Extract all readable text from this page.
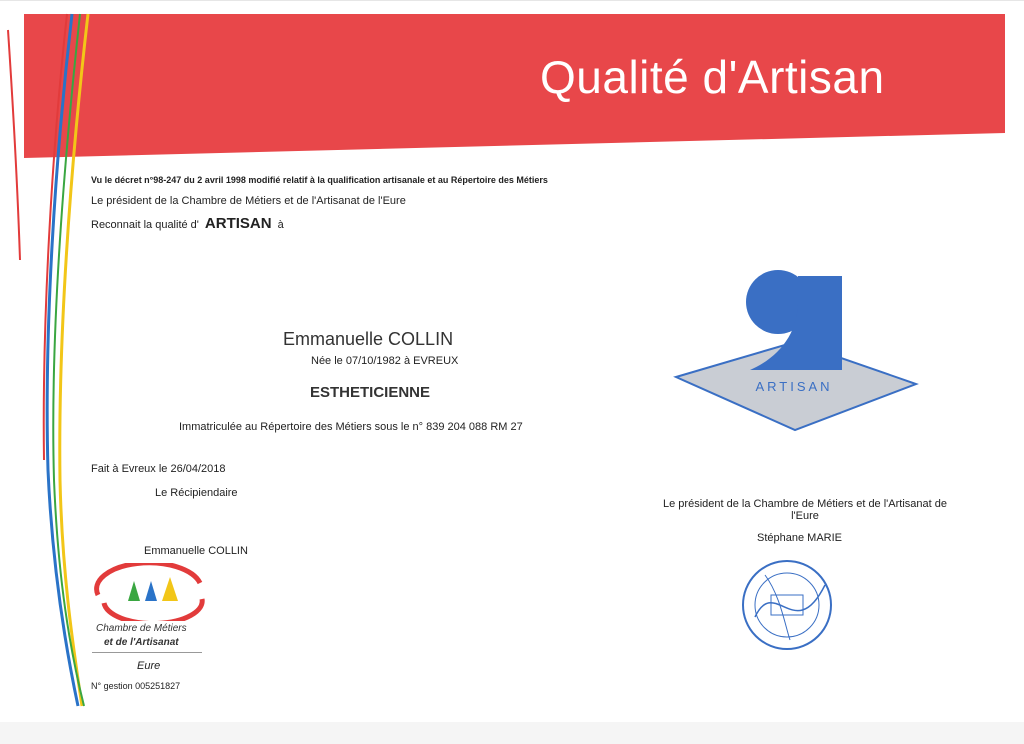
Qualité d'Artisan
Vu le décret n°98-247 du 2 avril 1998 modifié relatif à la qualification artisanale et au Répertoire des Métiers
Le président de la Chambre de Métiers et de l'Artisanat de l'Eure
Reconnait la qualité d' ARTISAN à
Emmanuelle COLLIN
Née le 07/10/1982 à EVREUX
ESTHETICIENNE
Immatriculée au Répertoire des Métiers sous le n° 839 204 088 RM 27
Fait à Evreux le 26/04/2018
Le Récipiendaire
Emmanuelle COLLIN
Le président de la Chambre de Métiers et de l'Artisanat de l'Eure
Stéphane MARIE
ARTISAN
Chambre de Métiers
et de l'Artisanat
Eure
N° gestion 005251827
